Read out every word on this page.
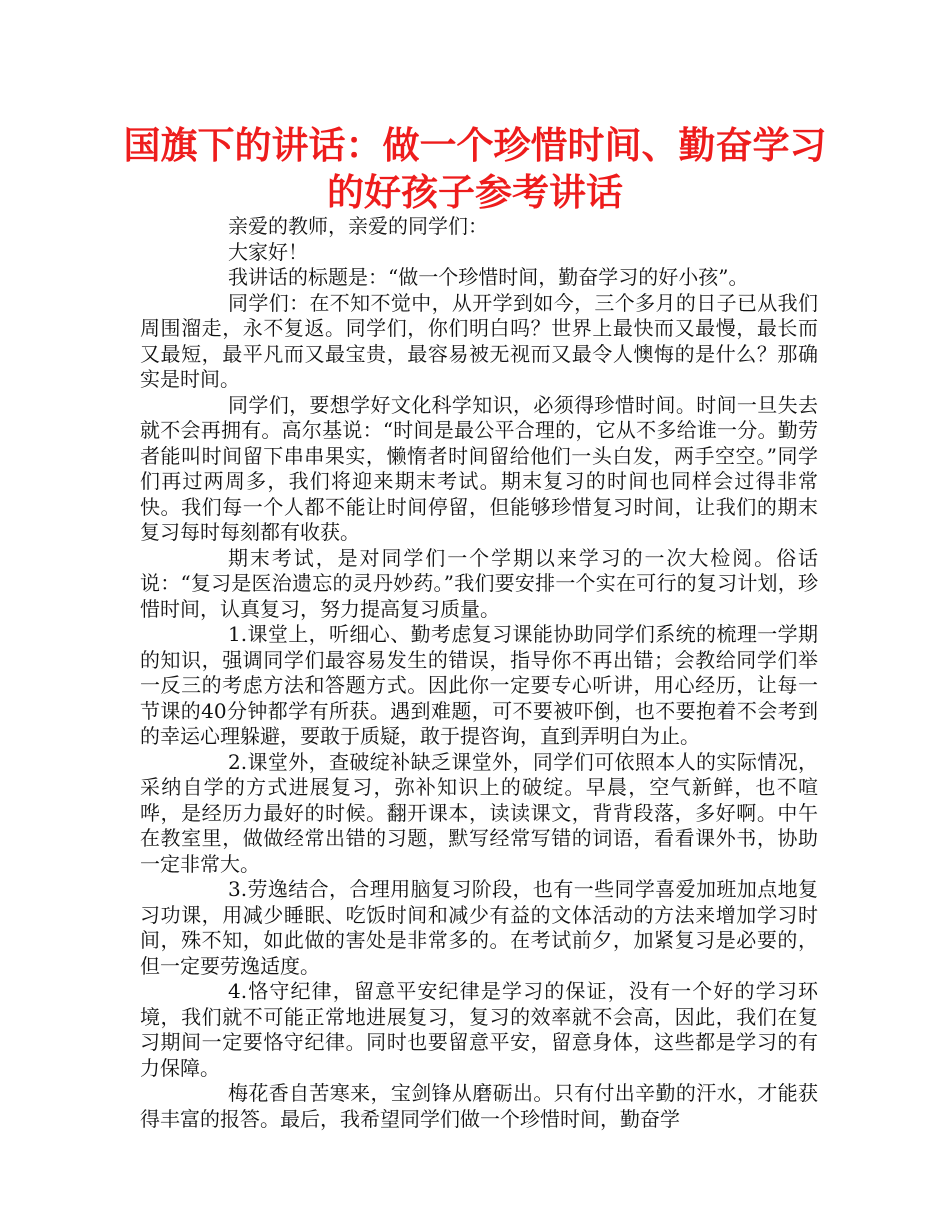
国旗下的讲话：做一个珍惜时间、勤奋学习的好孩子参考讲话

亲爱的教师，亲爱的同学们：

大家好！

我讲话的标题是：“做一个珍惜时间，勤奋学习的好小孩”。

同学们：在不知不觉中，从开学到如今，三个多月的日子已从我们周围溜走，永不复返。同学们，你们明白吗？世界上最快而又最慢，最长而又最短，最平凡而又最宝贵，最容易被无视而又最令人懊悔的是什么？那确实是时间。

同学们，要想学好文化科学知识，必须得珍惜时间。时间一旦失去就不会再拥有。高尔基说：“时间是最公平合理的，它从不多给谁一分。勤劳者能叫时间留下串串果实，懒惰者时间留给他们一头白发，两手空空。”同学们再过两周多，我们将迎来期末考试。期末复习的时间也同样会过得非常快。我们每一个人都不能让时间停留，但能够珍惜复习时间，让我们的期末复习每时每刻都有收获。

期末考试，是对同学们一个学期以来学习的一次大检阅。俗话说：“复习是医治遗忘的灵丹妙药。”我们要安排一个实在可行的复习计划，珍惜时间，认真复习，努力提高复习质量。

1.课堂上，听细心、勤考虑复习课能协助同学们系统的梳理一学期的知识，强调同学们最容易发生的错误，指导你不再出错；会教给同学们举一反三的考虑方法和答题方式。因此你一定要专心听讲，用心经历，让每一节课的40分钟都学有所获。遇到难题，可不要被吓倒，也不要抱着不会考到的幸运心理躲避，要敢于质疑，敢于提咨询，直到弄明白为止。

2.课堂外，查破绽补缺乏课堂外，同学们可依照本人的实际情况，采纳自学的方式进展复习，弥补知识上的破绽。早晨，空气新鲜，也不喧哗，是经历力最好的时候。翻开课本，读读课文，背背段落，多好啊。中午在教室里，做做经常出错的习题，默写经常写错的词语，看看课外书，协助一定非常大。

3.劳逸结合，合理用脑复习阶段，也有一些同学喜爱加班加点地复习功课，用减少睡眠、吃饭时间和减少有益的文体活动的方法来增加学习时间，殊不知，如此做的害处是非常多的。在考试前夕，加紧复习是必要的，但一定要劳逸适度。

4.恪守纪律，留意平安纪律是学习的保证，没有一个好的学习环境，我们就不可能正常地进展复习，复习的效率就不会高，因此，我们在复习期间一定要恪守纪律。同时也要留意平安，留意身体，这些都是学习的有力保障。

梅花香自苦寒来，宝剑锋从磨砺出。只有付出辛勤的汗水，才能获得丰富的报答。最后，我希望同学们做一个珍惜时间，勤奋学
